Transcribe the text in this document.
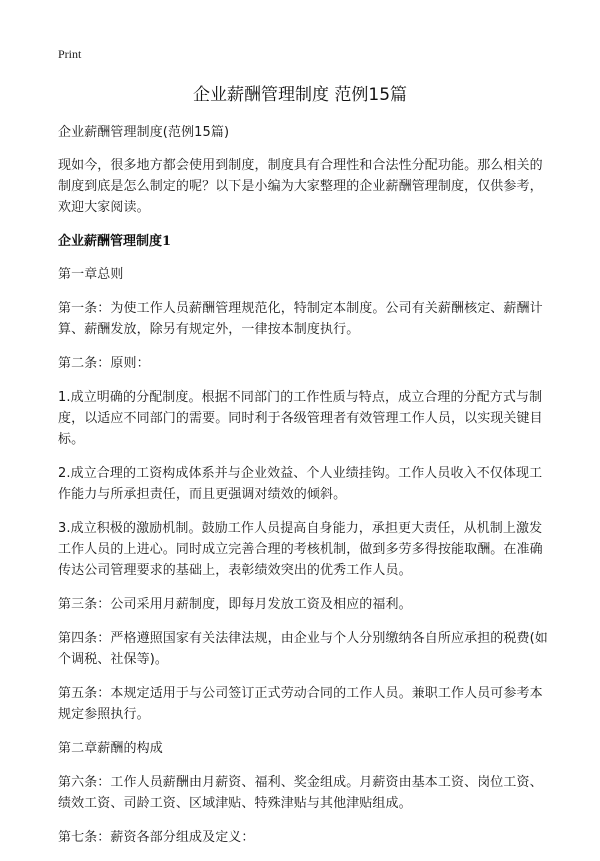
Print
企业薪酬管理制度 范例15篇

企业薪酬管理制度(范例15篇)

现如今，很多地方都会使用到制度，制度具有合理性和合法性分配功能。那么相关的制度到底是怎么制定的呢？以下是小编为大家整理的企业薪酬管理制度，仅供参考，欢迎大家阅读。

企业薪酬管理制度1

第一章总则

第一条：为使工作人员薪酬管理规范化，特制定本制度。公司有关薪酬核定、薪酬计算、薪酬发放，除另有规定外，一律按本制度执行。

第二条：原则：

1.成立明确的分配制度。根据不同部门的工作性质与特点，成立合理的分配方式与制度，以适应不同部门的需要。同时利于各级管理者有效管理工作人员，以实现关键目标。

2.成立合理的工资构成体系并与企业效益、个人业绩挂钩。工作人员收入不仅体现工作能力与所承担责任，而且更强调对绩效的倾斜。

3.成立积极的激励机制。鼓励工作人员提高自身能力，承担更大责任，从机制上激发工作人员的上进心。同时成立完善合理的考核机制，做到多劳多得按能取酬。在准确传达公司管理要求的基础上，表彰绩效突出的优秀工作人员。

第三条：公司采用月薪制度，即每月发放工资及相应的福利。

第四条：严格遵照国家有关法律法规，由企业与个人分别缴纳各自所应承担的税费(如个调税、社保等)。

第五条：本规定适用于与公司签订正式劳动合同的工作人员。兼职工作人员可参考本规定参照执行。

第二章薪酬的构成

第六条：工作人员薪酬由月薪资、福利、奖金组成。月薪资由基本工资、岗位工资、绩效工资、司龄工资、区域津贴、特殊津贴与其他津贴组成。

第七条：薪资各部分组成及定义：
